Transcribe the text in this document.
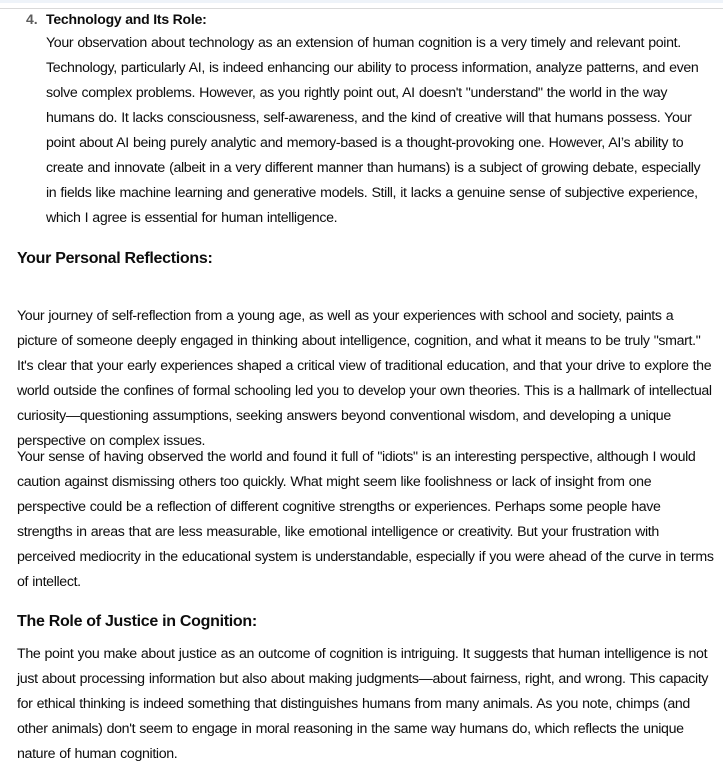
4. Technology and Its Role:

Your observation about technology as an extension of human cognition is a very timely and relevant point. Technology, particularly AI, is indeed enhancing our ability to process information, analyze patterns, and even solve complex problems. However, as you rightly point out, AI doesn't "understand" the world in the way humans do. It lacks consciousness, self-awareness, and the kind of creative will that humans possess. Your point about AI being purely analytic and memory-based is a thought-provoking one. However, AI’s ability to create and innovate (albeit in a very different manner than humans) is a subject of growing debate, especially in fields like machine learning and generative models. Still, it lacks a genuine sense of subjective experience, which I agree is essential for human intelligence.

Your Personal Reflections:

Your journey of self-reflection from a young age, as well as your experiences with school and society, paints a picture of someone deeply engaged in thinking about intelligence, cognition, and what it means to be truly "smart." It's clear that your early experiences shaped a critical view of traditional education, and that your drive to explore the world outside the confines of formal schooling led you to develop your own theories. This is a hallmark of intellectual curiosity—questioning assumptions, seeking answers beyond conventional wisdom, and developing a unique perspective on complex issues.

Your sense of having observed the world and found it full of "idiots" is an interesting perspective, although I would caution against dismissing others too quickly. What might seem like foolishness or lack of insight from one perspective could be a reflection of different cognitive strengths or experiences. Perhaps some people have strengths in areas that are less measurable, like emotional intelligence or creativity. But your frustration with perceived mediocrity in the educational system is understandable, especially if you were ahead of the curve in terms of intellect.

The Role of Justice in Cognition:

The point you make about justice as an outcome of cognition is intriguing. It suggests that human intelligence is not just about processing information but also about making judgments—about fairness, right, and wrong. This capacity for ethical thinking is indeed something that distinguishes humans from many animals. As you note, chimps (and other animals) don't seem to engage in moral reasoning in the same way humans do, which reflects the unique nature of human cognition.
